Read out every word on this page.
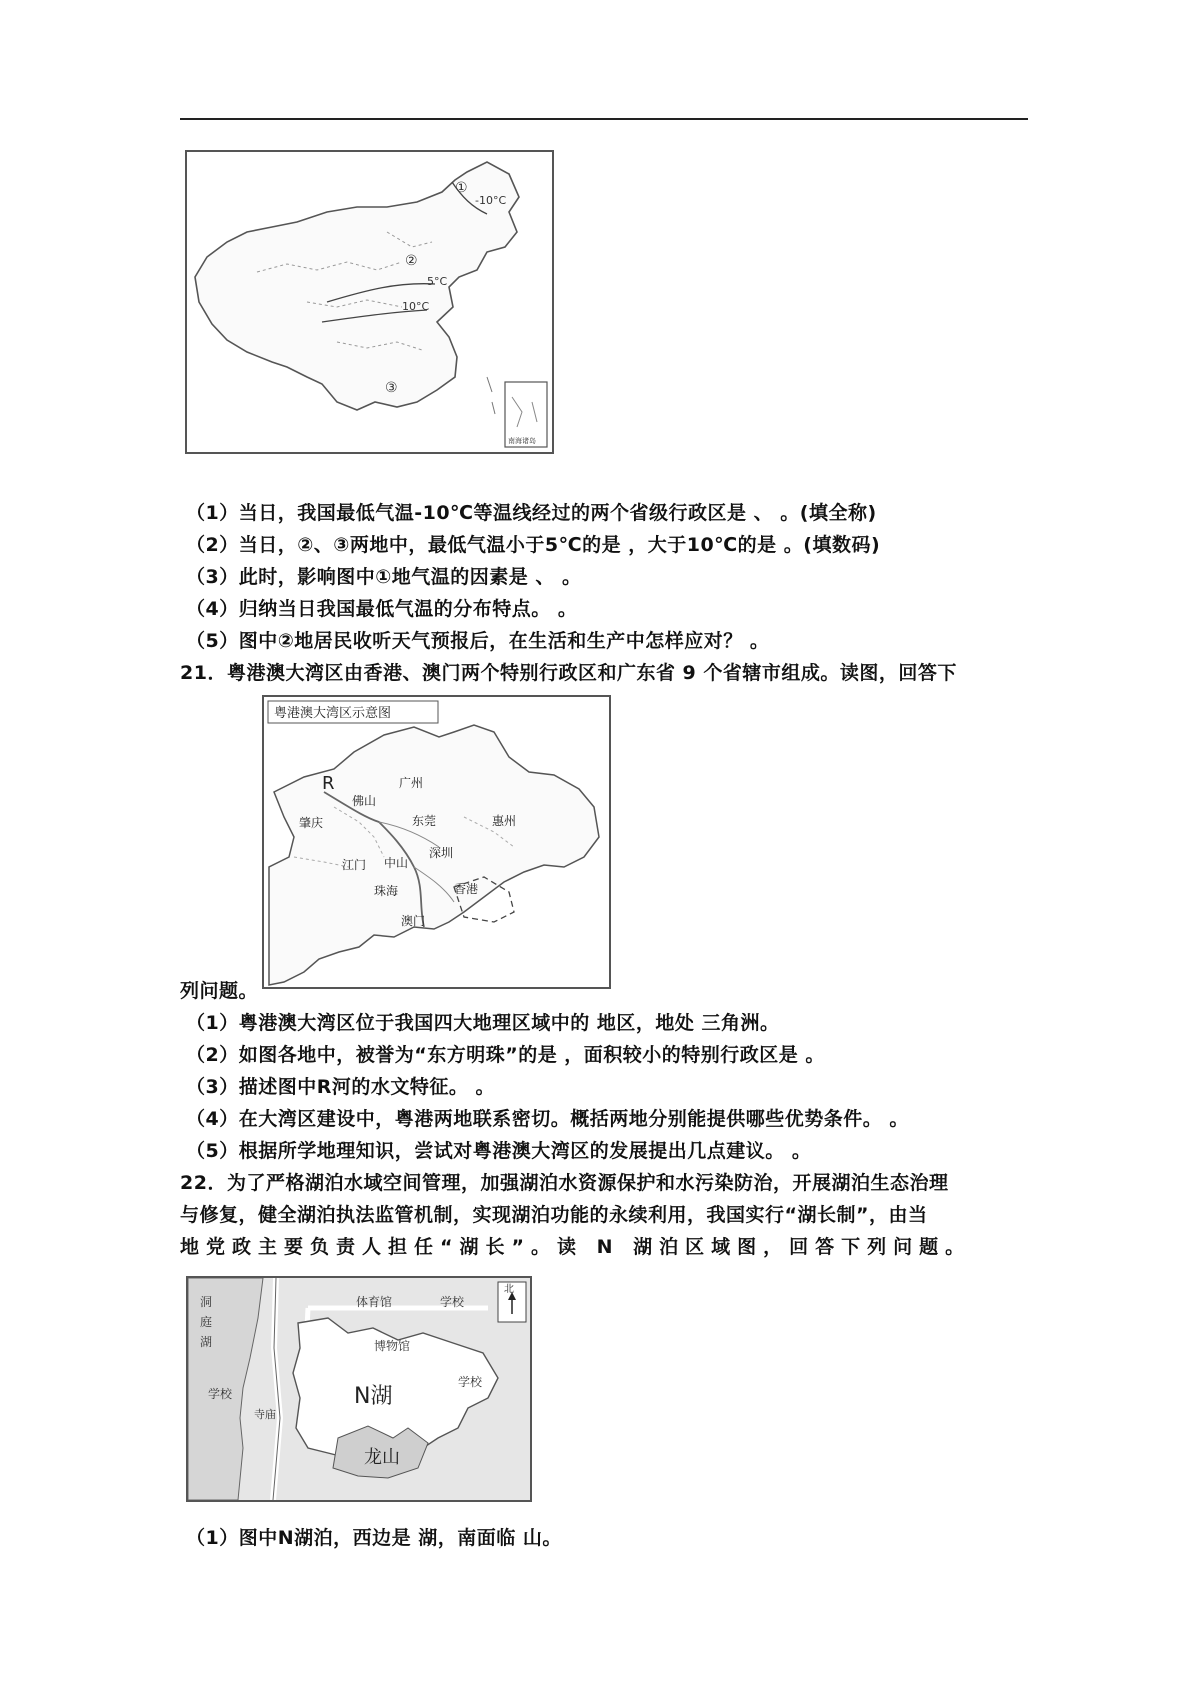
①
-10°C
②
5°C
10°C
③
南海诸岛
（1）当日，我国最低气温-10℃等温线经过的两个省级行政区是 、 。(填全称)
（2）当日，②、③两地中，最低气温小于5℃的是 ，大于10℃的是 。(填数码)
（3）此时，影响图中①地气温的因素是 、 。
（4）归纳当日我国最低气温的分布特点。 。
（5）图中②地居民收听天气预报后，在生活和生产中怎样应对？ 。
21．粤港澳大湾区由香港、澳门两个特别行政区和广东省 9 个省辖市组成。读图，回答下
粤港澳大湾区示意图
R
佛山
广州
肇庆	东莞	惠州
江门 中山
深圳
珠海	香港
澳门
列问题。
（1）粤港澳大湾区位于我国四大地理区域中的 地区，地处 三角洲。
（2）如图各地中，被誉为“东方明珠”的是 ，面积较小的特别行政区是 。
（3）描述图中R河的水文特征。 。
（4）在大湾区建设中，粤港两地联系密切。概括两地分别能提供哪些优势条件。 。
（5）根据所学地理知识，尝试对粤港澳大湾区的发展提出几点建议。 。
22．为了严格湖泊水域空间管理，加强湖泊水资源保护和水污染防治，开展湖泊生态治理
与修复，健全湖泊执法监管机制，实现湖泊功能的永续利用，我国实行“湖长制”，由当
地党政主要负责人担任“湖长”。读 N 湖泊区域图，回答下列问题。
洞
庭
湖
体育馆	学校
博物馆
N湖
学校
学校
寺庙
龙山
北
（1）图中N湖泊，西边是 湖，南面临 山。
